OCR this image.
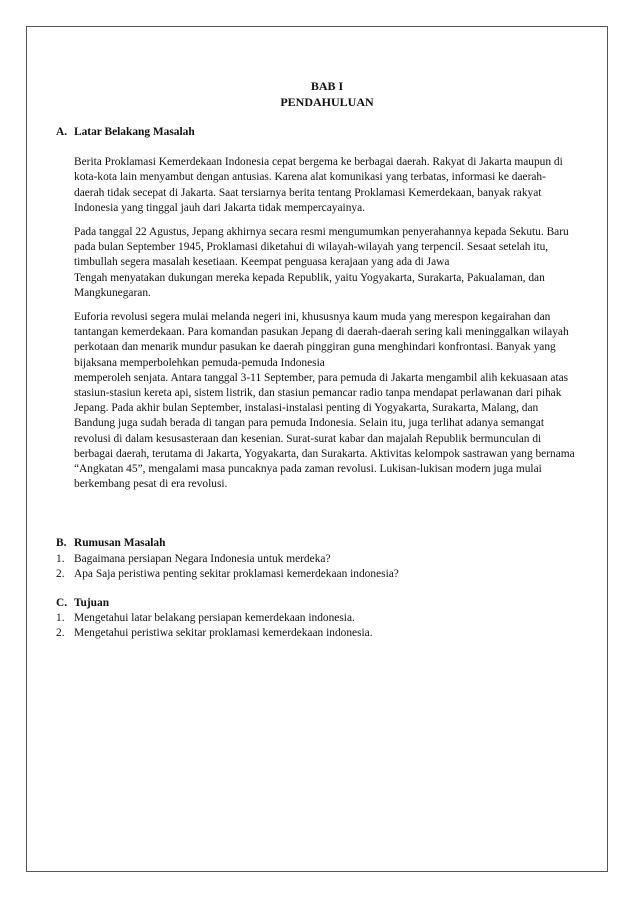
BAB I
PENDAHULUAN

A. Latar Belakang Masalah

Berita Proklamasi Kemerdekaan Indonesia cepat bergema ke berbagai daerah. Rakyat di Jakarta maupun di kota-kota lain menyambut dengan antusias. Karena alat komunikasi yang terbatas, informasi ke daerah-daerah tidak secepat di Jakarta. Saat tersiarnya berita tentang Proklamasi Kemerdekaan, banyak rakyat Indonesia yang tinggal jauh dari Jakarta tidak mempercayainya.

Pada tanggal 22 Agustus, Jepang akhirnya secara resmi mengumumkan penyerahannya kepada Sekutu. Baru pada bulan September 1945, Proklamasi diketahui di wilayah-wilayah yang terpencil. Sesaat setelah itu, timbullah segera masalah kesetiaan. Keempat penguasa kerajaan yang ada di Jawa

Tengah menyatakan dukungan mereka kepada Republik, yaitu Yogyakarta, Surakarta, Pakualaman, dan Mangkunegaran.

Euforia revolusi segera mulai melanda negeri ini, khususnya kaum muda yang merespon kegairahan dan tantangan kemerdekaan. Para komandan pasukan Jepang di daerah-daerah sering kali meninggalkan wilayah perkotaan dan menarik mundur pasukan ke daerah pinggiran guna menghindari konfrontasi. Banyak yang bijaksana memperbolehkan pemuda-pemuda Indonesia

memperoleh senjata. Antara tanggal 3-11 September, para pemuda di Jakarta mengambil alih kekuasaan atas stasiun-stasiun kereta api, sistem listrik, dan stasiun pemancar radio tanpa mendapat perlawanan dari pihak Jepang. Pada akhir bulan September, instalasi-instalasi penting di Yogyakarta, Surakarta, Malang, dan Bandung juga sudah berada di tangan para pemuda Indonesia. Selain itu, juga terlihat adanya semangat revolusi di dalam kesusasteraan dan kesenian. Surat-surat kabar dan majalah Republik bermunculan di berbagai daerah, terutama di Jakarta, Yogyakarta, dan Surakarta. Aktivitas kelompok sastrawan yang bernama “Angkatan 45”, mengalami masa puncaknya pada zaman revolusi. Lukisan-lukisan modern juga mulai berkembang pesat di era revolusi.

B. Rumusan Masalah

1. Bagaimana persiapan Negara Indonesia untuk merdeka?
2. Apa Saja peristiwa penting sekitar proklamasi kemerdekaan indonesia?

C. Tujuan

1. Mengetahui latar belakang persiapan kemerdekaan indonesia.
2. Mengetahui peristiwa sekitar proklamasi kemerdekaan indonesia.
